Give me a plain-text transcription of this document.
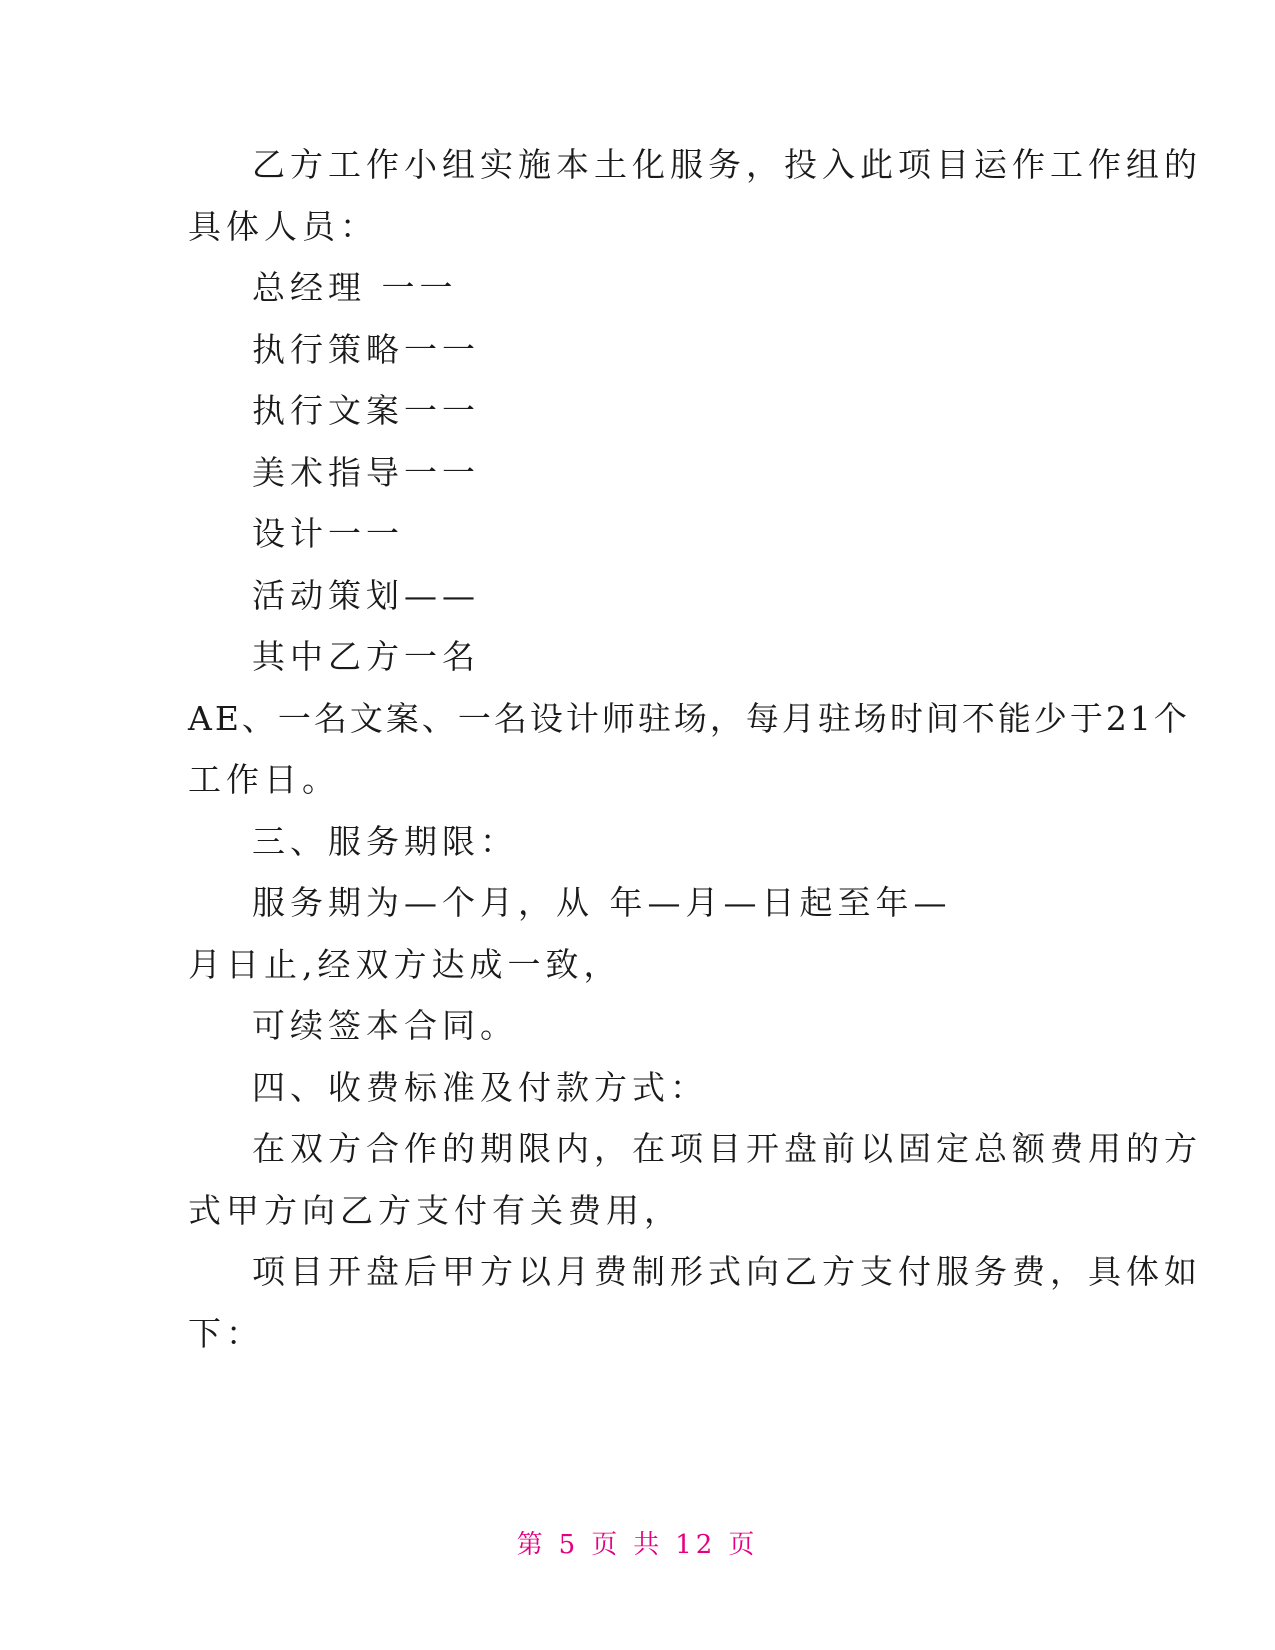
乙方工作小组实施本土化服务，投入此项目运作工作组的
具体人员：
总经理 一一
执行策略一一
执行文案一一
美术指导一一
设计一一
活动策划——
其中乙方一名
AE、一名文案、一名设计师驻场，每月驻场时间不能少于21个
工作日。
三、服务期限：
服务期为—个月，从 年—月—日起至年—
月日止,经双方达成一致，
可续签本合同。
四、收费标准及付款方式：
在双方合作的期限内，在项目开盘前以固定总额费用的方
式甲方向乙方支付有关费用，
项目开盘后甲方以月费制形式向乙方支付服务费，具体如
下：
第 5 页 共 12 页
